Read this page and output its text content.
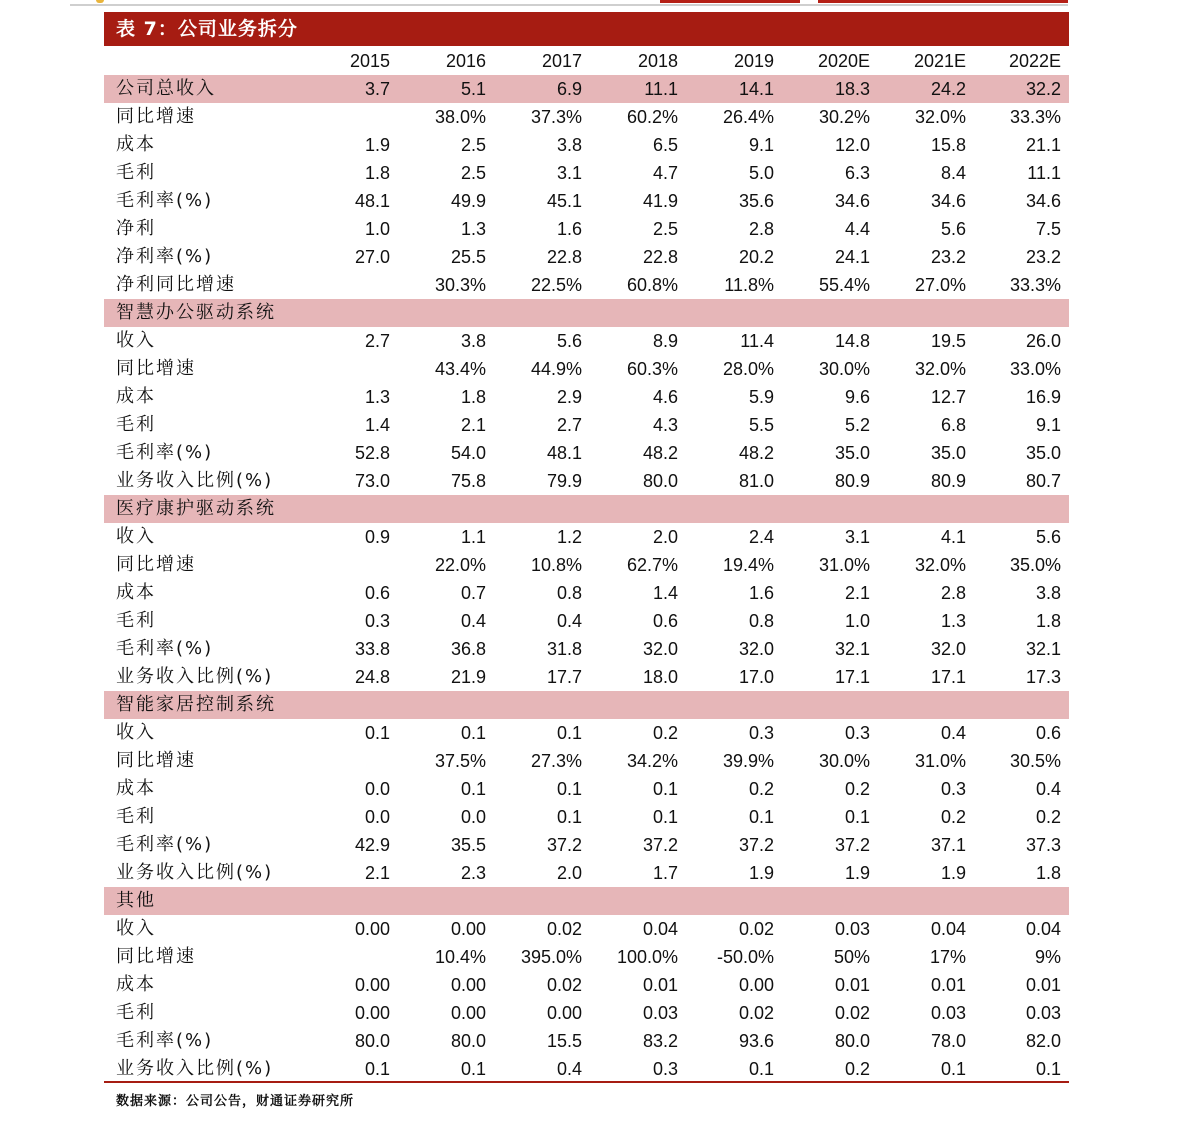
表 7：公司业务拆分
	2015	2016	2017	2018	2019	2020E	2021E	2022E
公司总收入	3.7	5.1	6.9	11.1	14.1	18.3	24.2	32.2
同比增速		38.0%	37.3%	60.2%	26.4%	30.2%	32.0%	33.3%
成本	1.9	2.5	3.8	6.5	9.1	12.0	15.8	21.1
毛利	1.8	2.5	3.1	4.7	5.0	6.3	8.4	11.1
毛利率(%)	48.1	49.9	45.1	41.9	35.6	34.6	34.6	34.6
净利	1.0	1.3	1.6	2.5	2.8	4.4	5.6	7.5
净利率(%)	27.0	25.5	22.8	22.8	20.2	24.1	23.2	23.2
净利同比增速		30.3%	22.5%	60.8%	11.8%	55.4%	27.0%	33.3%
智慧办公驱动系统								
收入	2.7	3.8	5.6	8.9	11.4	14.8	19.5	26.0
同比增速		43.4%	44.9%	60.3%	28.0%	30.0%	32.0%	33.0%
成本	1.3	1.8	2.9	4.6	5.9	9.6	12.7	16.9
毛利	1.4	2.1	2.7	4.3	5.5	5.2	6.8	9.1
毛利率(%)	52.8	54.0	48.1	48.2	48.2	35.0	35.0	35.0
业务收入比例(%)	73.0	75.8	79.9	80.0	81.0	80.9	80.9	80.7
医疗康护驱动系统								
收入	0.9	1.1	1.2	2.0	2.4	3.1	4.1	5.6
同比增速		22.0%	10.8%	62.7%	19.4%	31.0%	32.0%	35.0%
成本	0.6	0.7	0.8	1.4	1.6	2.1	2.8	3.8
毛利	0.3	0.4	0.4	0.6	0.8	1.0	1.3	1.8
毛利率(%)	33.8	36.8	31.8	32.0	32.0	32.1	32.0	32.1
业务收入比例(%)	24.8	21.9	17.7	18.0	17.0	17.1	17.1	17.3
智能家居控制系统								
收入	0.1	0.1	0.1	0.2	0.3	0.3	0.4	0.6
同比增速		37.5%	27.3%	34.2%	39.9%	30.0%	31.0%	30.5%
成本	0.0	0.1	0.1	0.1	0.2	0.2	0.3	0.4
毛利	0.0	0.0	0.1	0.1	0.1	0.1	0.2	0.2
毛利率(%)	42.9	35.5	37.2	37.2	37.2	37.2	37.1	37.3
业务收入比例(%)	2.1	2.3	2.0	1.7	1.9	1.9	1.9	1.8
其他								
收入	0.00	0.00	0.02	0.04	0.02	0.03	0.04	0.04
同比增速		10.4%	395.0%	100.0%	-50.0%	50%	17%	9%
成本	0.00	0.00	0.02	0.01	0.00	0.01	0.01	0.01
毛利	0.00	0.00	0.00	0.03	0.02	0.02	0.03	0.03
毛利率(%)	80.0	80.0	15.5	83.2	93.6	80.0	78.0	82.0
业务收入比例(%)	0.1	0.1	0.4	0.3	0.1	0.2	0.1	0.1
数据来源：公司公告，财通证券研究所
